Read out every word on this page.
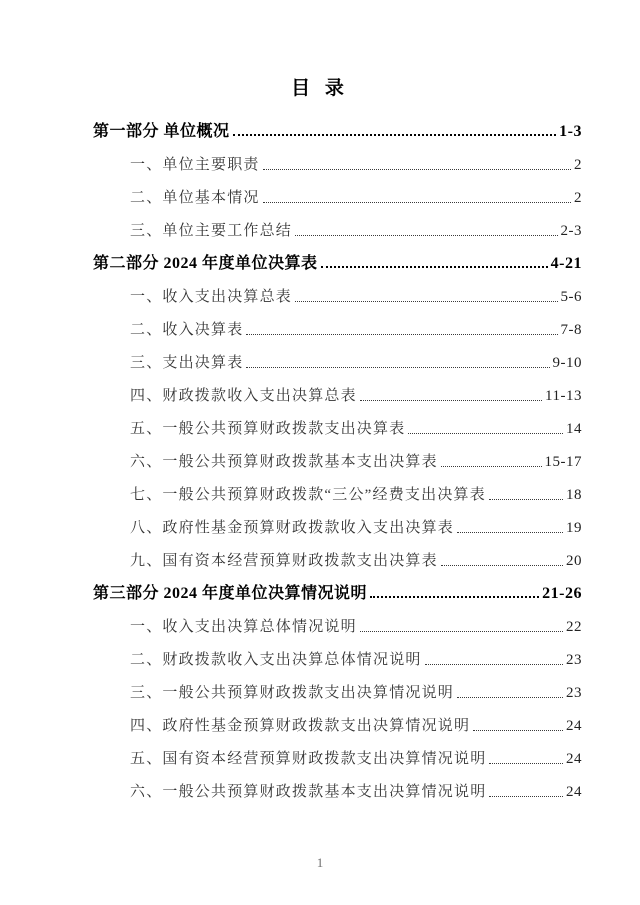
目 录
第一部分 单位概况	1-3
一、单位主要职责	2
二、单位基本情况	2
三、单位主要工作总结	2-3
第二部分 2024 年度单位决算表	4-21
一、收入支出决算总表	5-6
二、收入决算表	7-8
三、支出决算表	9-10
四、财政拨款收入支出决算总表	11-13
五、一般公共预算财政拨款支出决算表	14
六、一般公共预算财政拨款基本支出决算表	15-17
七、一般公共预算财政拨款“三公”经费支出决算表	18
八、政府性基金预算财政拨款收入支出决算表	19
九、国有资本经营预算财政拨款支出决算表	20
第三部分 2024 年度单位决算情况说明	21-26
一、收入支出决算总体情况说明	22
二、财政拨款收入支出决算总体情况说明	23
三、一般公共预算财政拨款支出决算情况说明	23
四、政府性基金预算财政拨款支出决算情况说明	24
五、国有资本经营预算财政拨款支出决算情况说明	24
六、一般公共预算财政拨款基本支出决算情况说明	24
1
